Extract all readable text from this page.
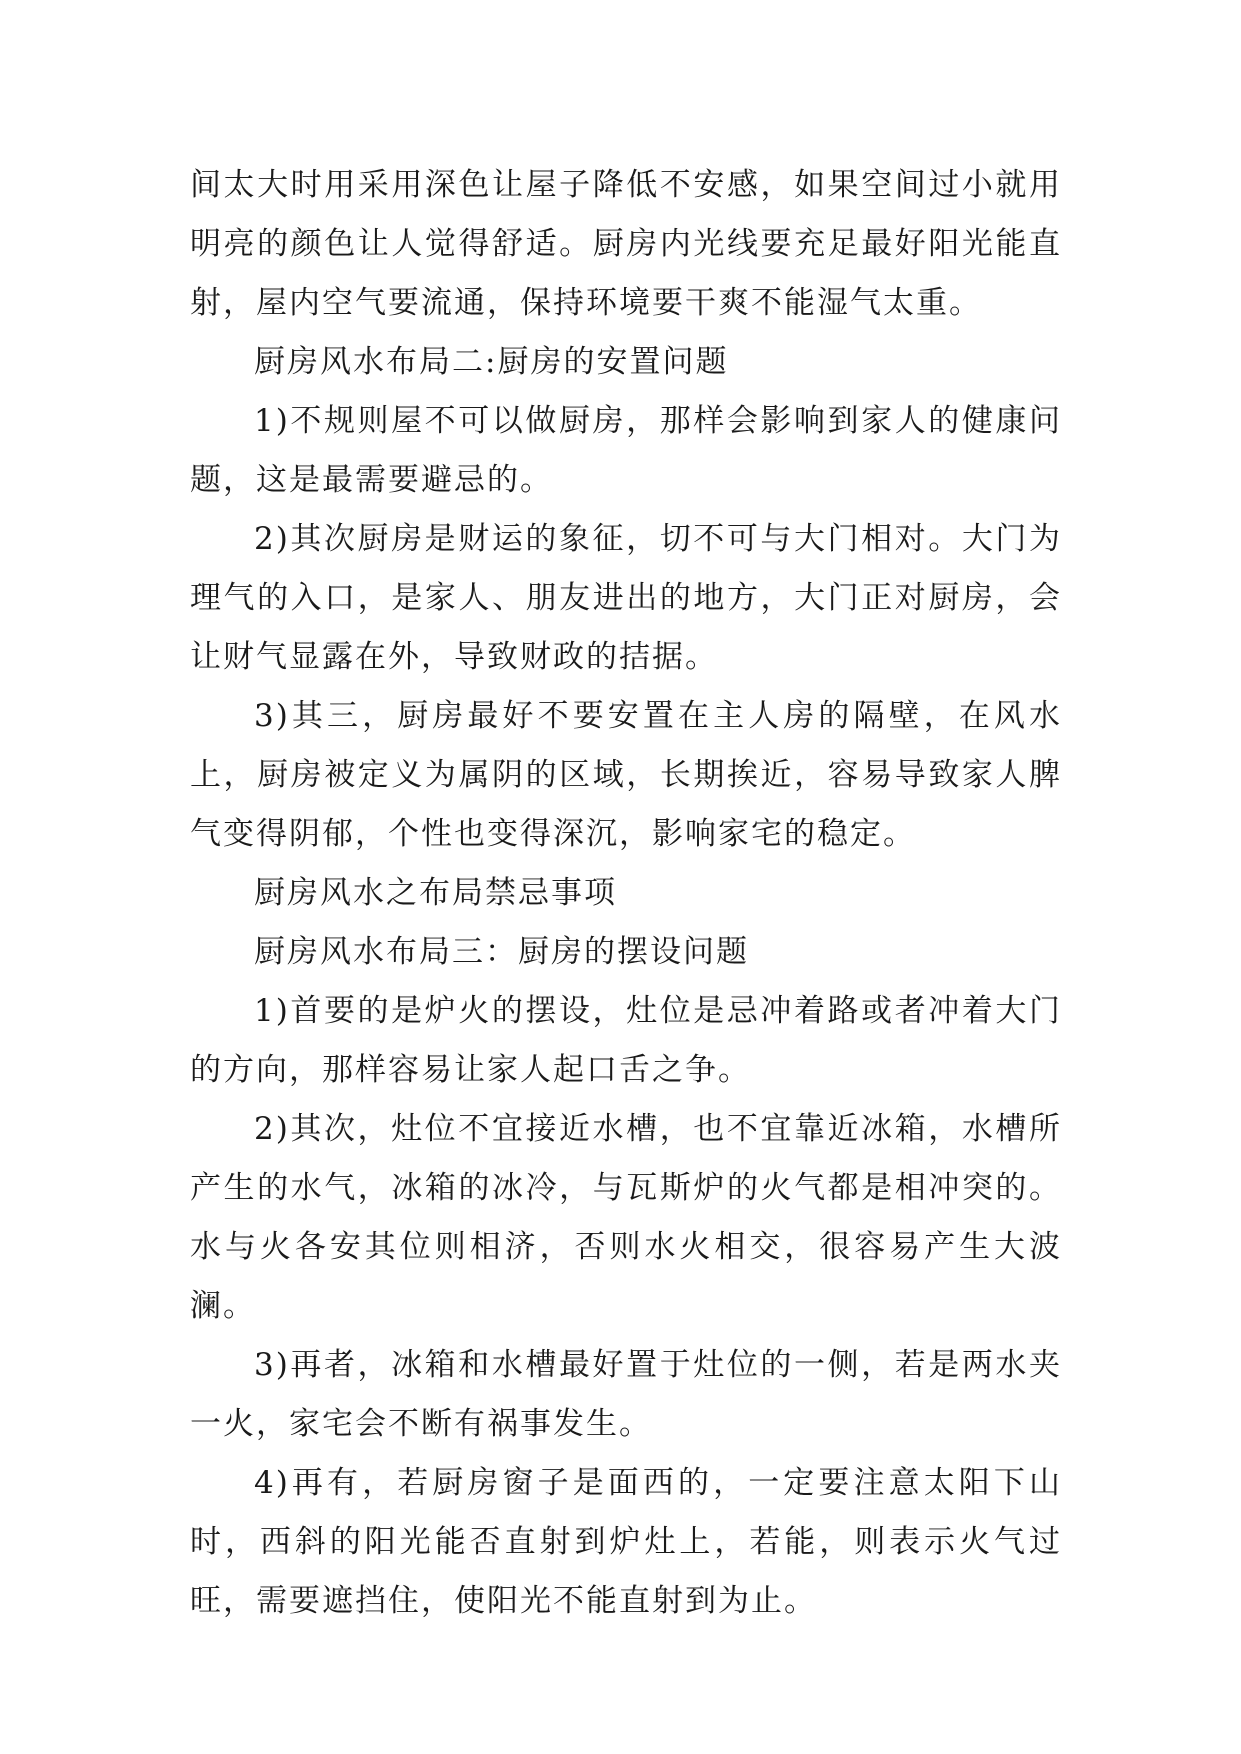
间太大时用采用深色让屋子降低不安感，如果空间过小就用明亮的颜色让人觉得舒适。厨房内光线要充足最好阳光能直射，屋内空气要流通，保持环境要干爽不能湿气太重。

厨房风水布局二:厨房的安置问题

1)不规则屋不可以做厨房，那样会影响到家人的健康问题，这是最需要避忌的。

2)其次厨房是财运的象征，切不可与大门相对。大门为理气的入口，是家人、朋友进出的地方，大门正对厨房，会让财气显露在外，导致财政的拮据。

3)其三，厨房最好不要安置在主人房的隔壁，在风水上，厨房被定义为属阴的区域，长期挨近，容易导致家人脾气变得阴郁，个性也变得深沉，影响家宅的稳定。

厨房风水之布局禁忌事项

厨房风水布局三：厨房的摆设问题

1)首要的是炉火的摆设，灶位是忌冲着路或者冲着大门的方向，那样容易让家人起口舌之争。

2)其次，灶位不宜接近水槽，也不宜靠近冰箱，水槽所产生的水气，冰箱的冰冷，与瓦斯炉的火气都是相冲突的。水与火各安其位则相济，否则水火相交，很容易产生大波澜。

3)再者，冰箱和水槽最好置于灶位的一侧，若是两水夹一火，家宅会不断有祸事发生。

4)再有，若厨房窗子是面西的，一定要注意太阳下山时，西斜的阳光能否直射到炉灶上，若能，则表示火气过旺，需要遮挡住，使阳光不能直射到为止。
